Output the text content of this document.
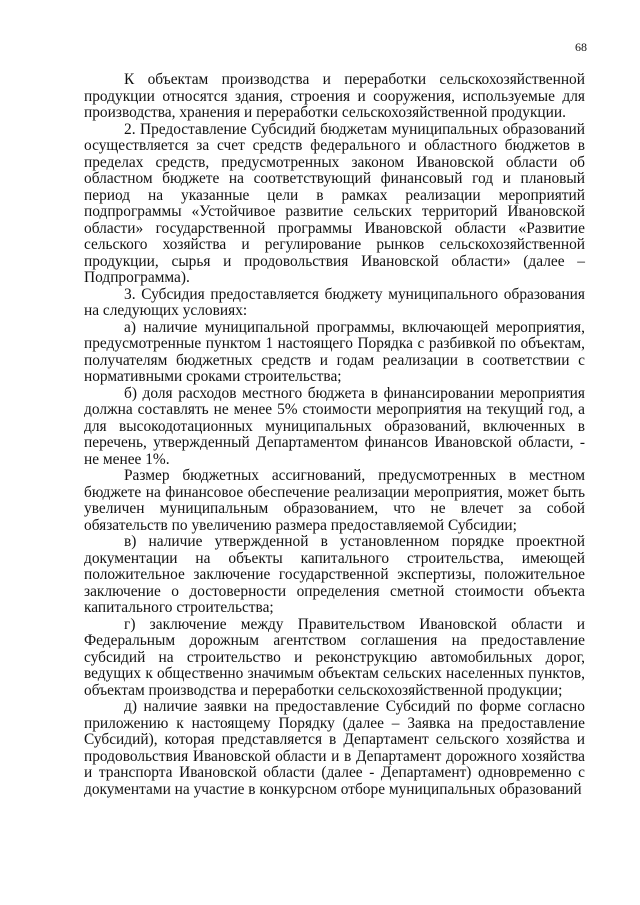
68

К объектам производства и переработки сельскохозяйственной продукции относятся здания, строения и сооружения, используемые для производства, хранения и переработки сельскохозяйственной продукции.

2. Предоставление Субсидий бюджетам муниципальных образований осуществляется за счет средств федерального и областного бюджетов в пределах средств, предусмотренных законом Ивановской области об областном бюджете на соответствующий финансовый год и плановый период на указанные цели в рамках реализации мероприятий подпрограммы «Устойчивое развитие сельских территорий Ивановской области» государственной программы Ивановской области «Развитие сельского хозяйства и регулирование рынков сельскохозяйственной продукции, сырья и продовольствия Ивановской области» (далее – Подпрограмма).

3. Субсидия предоставляется бюджету муниципального образования на следующих условиях:

а) наличие муниципальной программы, включающей мероприятия, предусмотренные пунктом 1 настоящего Порядка с разбивкой по объектам, получателям бюджетных средств и годам реализации в соответствии с нормативными сроками строительства;

б) доля расходов местного бюджета в финансировании мероприятия должна составлять не менее 5% стоимости мероприятия на текущий год, а для высокодотационных муниципальных образований, включенных в перечень, утвержденный Департаментом финансов Ивановской области, - не менее 1%.

Размер бюджетных ассигнований, предусмотренных в местном бюджете на финансовое обеспечение реализации мероприятия, может быть увеличен муниципальным образованием, что не влечет за собой обязательств по увеличению размера предоставляемой Субсидии;

в) наличие утвержденной в установленном порядке проектной документации на объекты капитального строительства, имеющей положительное заключение государственной экспертизы, положительное заключение о достоверности определения сметной стоимости объекта капитального строительства;

г) заключение между Правительством Ивановской области и Федеральным дорожным агентством соглашения на предоставление субсидий на строительство и реконструкцию автомобильных дорог, ведущих к общественно значимым объектам сельских населенных пунктов, объектам производства и переработки сельскохозяйственной продукции;

д) наличие заявки на предоставление Субсидий по форме согласно приложению к настоящему Порядку (далее – Заявка на предоставление Субсидий), которая представляется в Департамент сельского хозяйства и продовольствия Ивановской области и в Департамент дорожного хозяйства и транспорта Ивановской области (далее - Департамент) одновременно с документами на участие в конкурсном отборе муниципальных образований
